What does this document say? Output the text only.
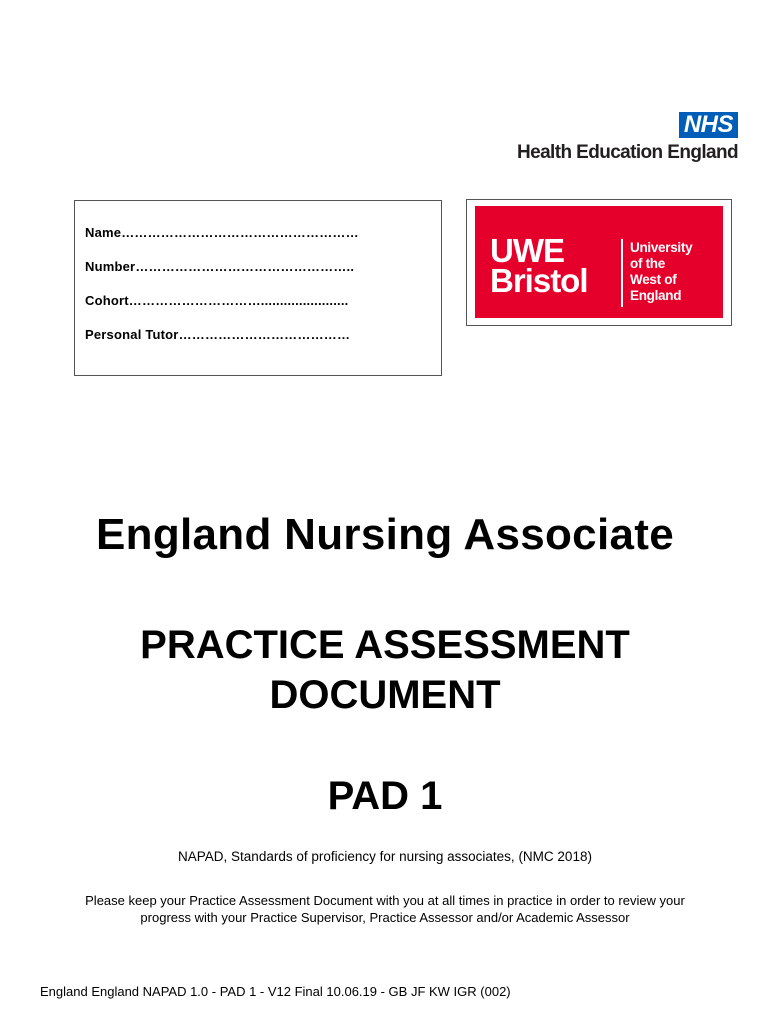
NHS
Health Education England
Name………………………………………………
Number…………………………………………..
Cohort………………………….......................
Personal Tutor…………………………………
UWE
Bristol
University
of the
West of
England
England Nursing Associate
PRACTICE ASSESSMENT
DOCUMENT
PAD 1
NAPAD, Standards of proficiency for nursing associates, (NMC 2018)
Please keep your Practice Assessment Document with you at all times in practice in order to review your
progress with your Practice Supervisor, Practice Assessor and/or Academic Assessor
England England NAPAD 1.0 - PAD 1 - V12 Final 10.06.19 - GB JF KW IGR (002)
